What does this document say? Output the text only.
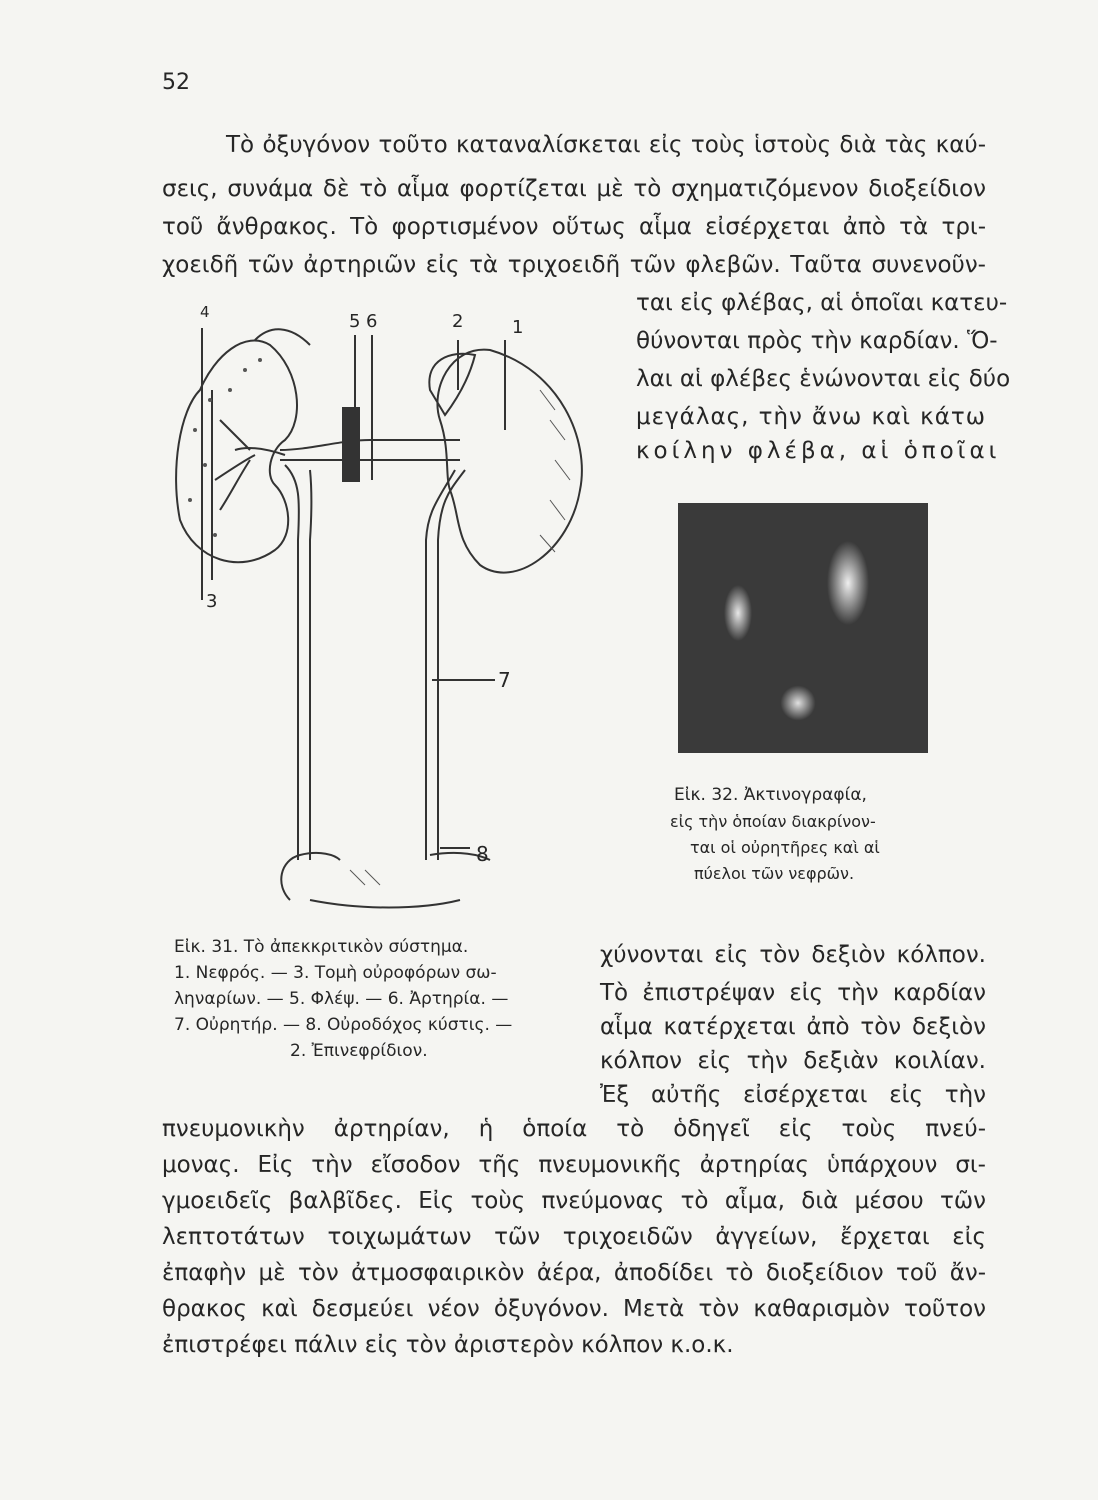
52
Τὸ ὀξυγόνον τοῦτο καταναλίσκεται εἰς τοὺς ἱστοὺς διὰ τὰς καύ-
σεις, συνάμα δὲ τὸ αἷμα φορτίζεται μὲ τὸ σχηματιζόμενον διοξείδιον
τοῦ ἄνθρακος. Τὸ φορτισμένον οὕτως αἷμα εἰσέρχεται ἀπὸ τὰ τρι-
χοειδῆ τῶν ἀρτηριῶν εἰς τὰ τριχοειδῆ τῶν φλεβῶν. Ταῦτα συνενοῦν-
ται εἰς φλέβας, αἱ ὁποῖαι κατευ-
θύνονται πρὸς τὴν καρδίαν. Ὅ-
λαι αἱ φλέβες ἑνώνονται εἰς δύο
μεγάλας, τὴν ἄνω καὶ κάτω
κοίλην φλέβα, αἱ ὁποῖαι
4	5 6	2	1
3
7
8
Εἰκ. 31. Τὸ ἀπεκκριτικὸν σύστημα.
1. Νεφρός. — 3. Τομὴ οὐροφόρων σω-
ληναρίων. — 5. Φλέψ. — 6. Ἀρτηρία. —
7. Οὐρητήρ. — 8. Οὐροδόχος κύστις. —
2. Ἐπινεφρίδιον.
Εἰκ. 32. Ἀκτινογραφία,
εἰς τὴν ὁποίαν διακρίνον-
ται οἱ οὐρητῆρες καὶ αἱ
πύελοι τῶν νεφρῶν.
χύνονται εἰς τὸν δεξιὸν κόλπον.
Τὸ ἐπιστρέψαν εἰς τὴν καρδίαν
αἷμα κατέρχεται ἀπὸ τὸν δεξιὸν
κόλπον εἰς τὴν δεξιὰν κοιλίαν.
Ἐξ αὐτῆς εἰσέρχεται εἰς τὴν
πνευμονικὴν ἀρτηρίαν, ἡ ὁποία τὸ ὁδηγεῖ εἰς τοὺς πνεύ-
μονας. Εἰς τὴν εἴσοδον τῆς πνευμονικῆς ἀρτηρίας ὑπάρχουν σι-
γμοειδεῖς βαλβῖδες. Εἰς τοὺς πνεύμονας τὸ αἷμα, διὰ μέσου τῶν
λεπτοτάτων τοιχωμάτων τῶν τριχοειδῶν ἀγγείων, ἔρχεται εἰς
ἐπαφὴν μὲ τὸν ἀτμοσφαιρικὸν ἀέρα, ἀποδίδει τὸ διοξείδιον τοῦ ἄν-
θρακος καὶ δεσμεύει νέον ὀξυγόνον. Μετὰ τὸν καθαρισμὸν τοῦτον
ἐπιστρέφει πάλιν εἰς τὸν ἀριστερὸν κόλπον κ.ο.κ.
